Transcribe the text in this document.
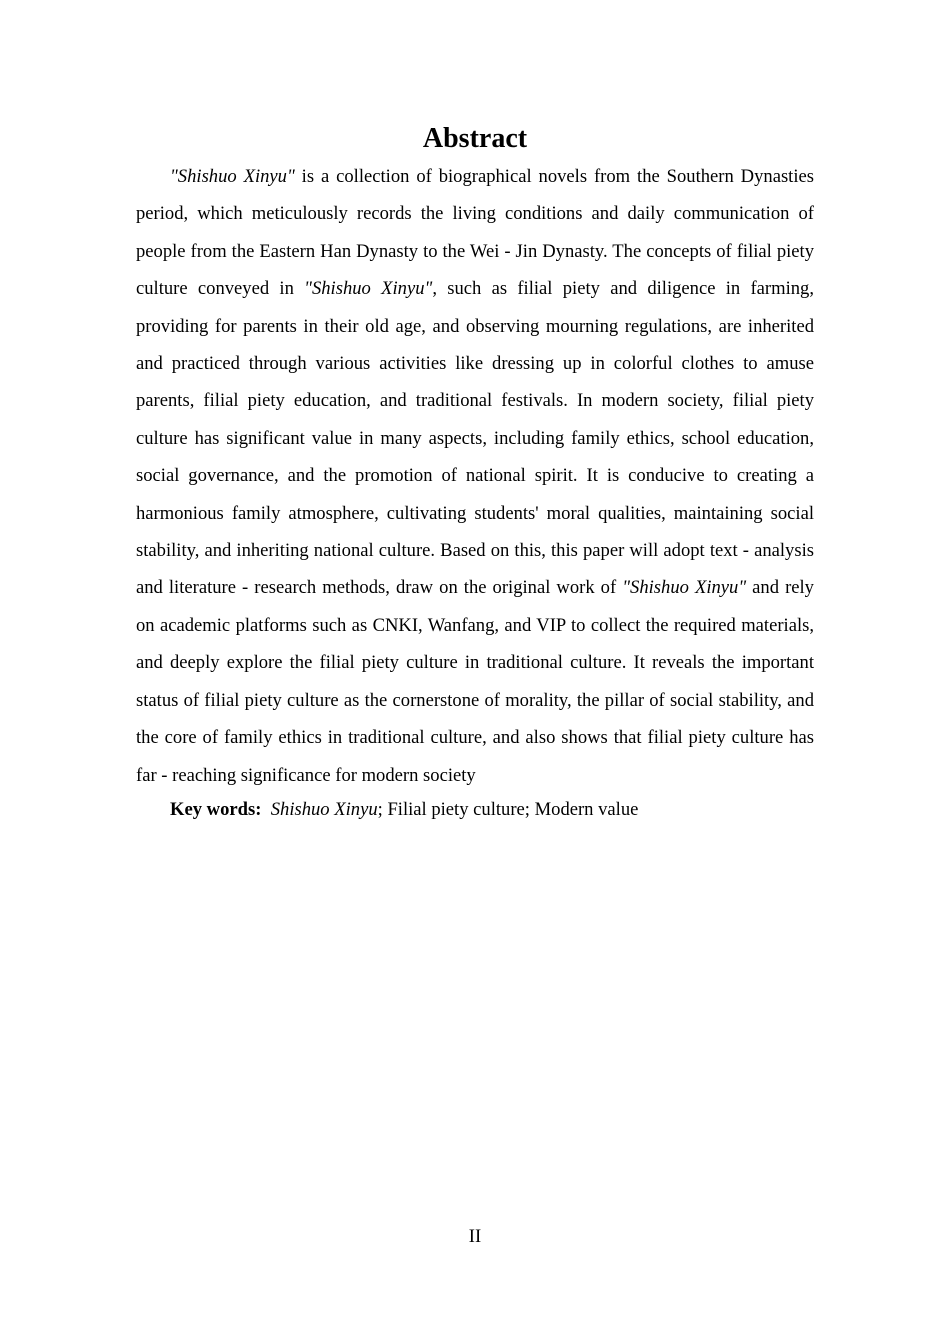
Abstract

"Shishuo Xinyu" is a collection of biographical novels from the Southern Dynasties period, which meticulously records the living conditions and daily communication of people from the Eastern Han Dynasty to the Wei - Jin Dynasty. The concepts of filial piety culture conveyed in "Shishuo Xinyu", such as filial piety and diligence in farming, providing for parents in their old age, and observing mourning regulations, are inherited and practiced through various activities like dressing up in colorful clothes to amuse parents, filial piety education, and traditional festivals. In modern society, filial piety culture has significant value in many aspects, including family ethics, school education, social governance, and the promotion of national spirit. It is conducive to creating a harmonious family atmosphere, cultivating students' moral qualities, maintaining social stability, and inheriting national culture. Based on this, this paper will adopt text - analysis and literature - research methods, draw on the original work of "Shishuo Xinyu" and rely on academic platforms such as CNKI, Wanfang, and VIP to collect the required materials, and deeply explore the filial piety culture in traditional culture. It reveals the important status of filial piety culture as the cornerstone of morality, the pillar of social stability, and the core of family ethics in traditional culture, and also shows that filial piety culture has far - reaching significance for modern society

Key words: Shishuo Xinyu; Filial piety culture; Modern value

II
